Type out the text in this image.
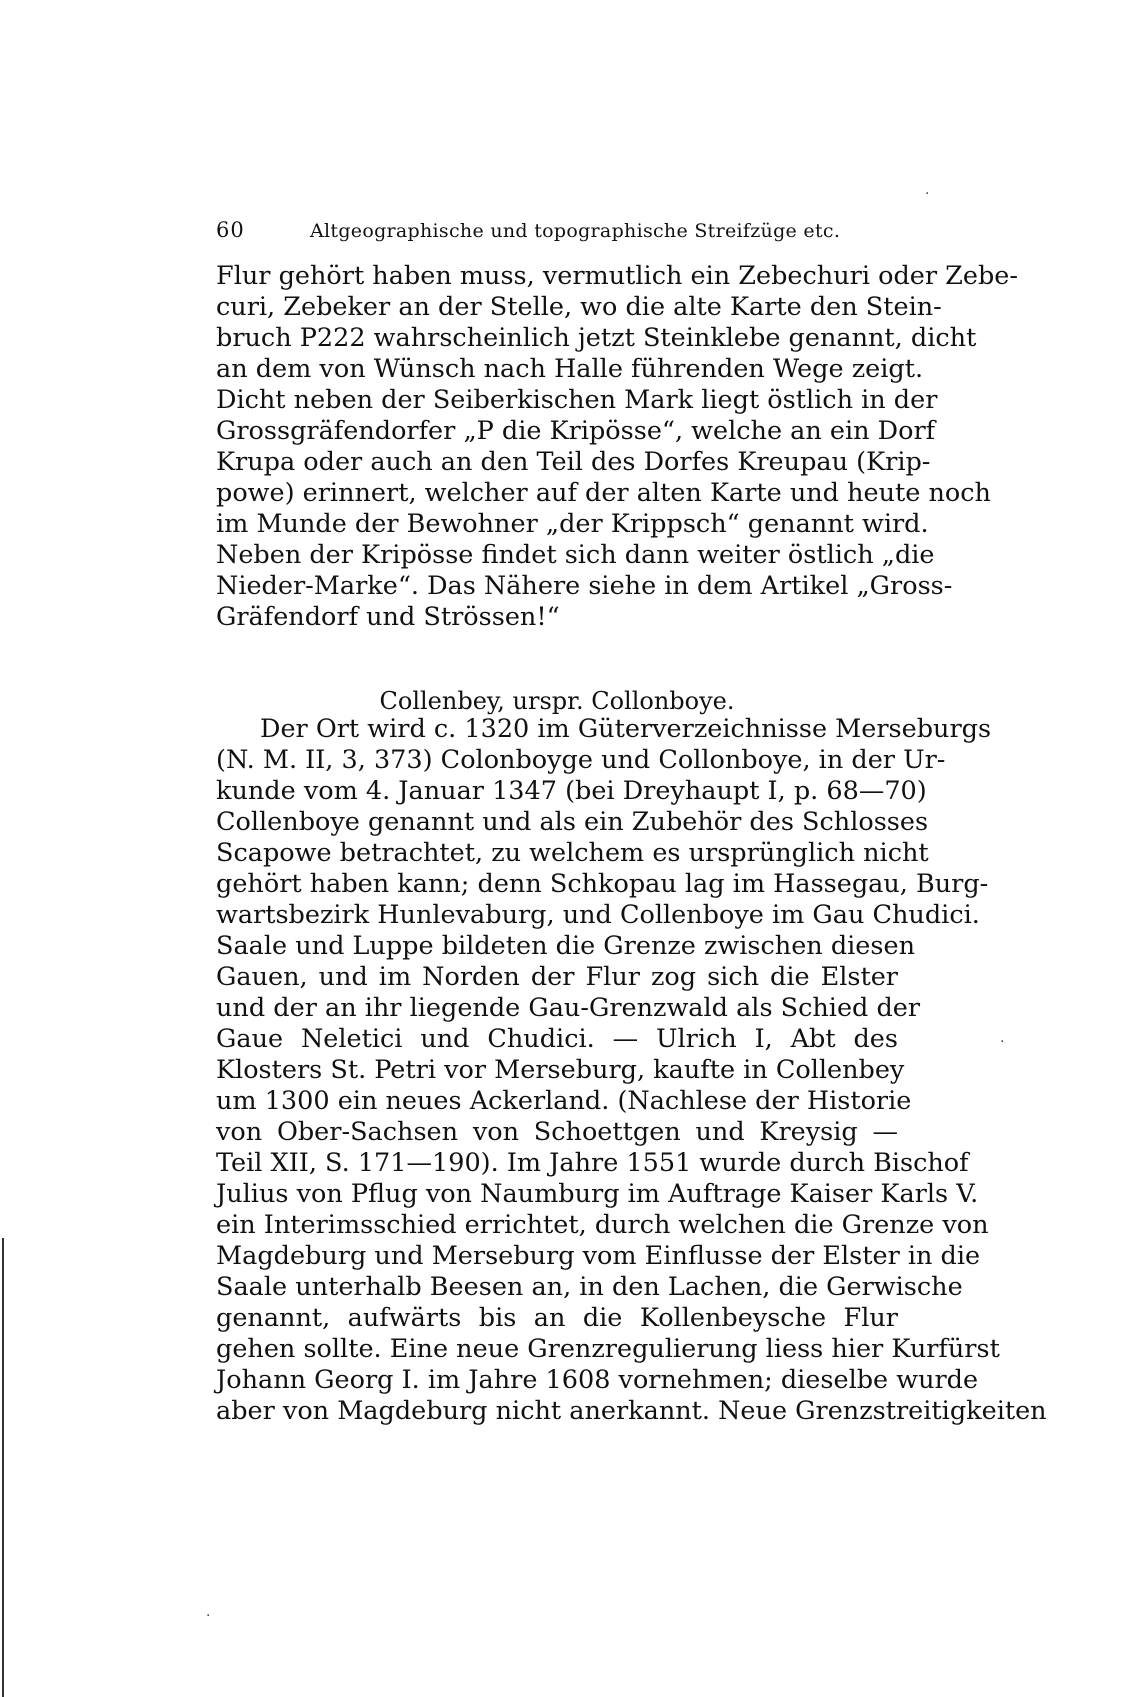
60	Altgeographische und topographische Streifzüge etc.
Flur gehört haben muss, vermutlich ein Zebechuri oder Zebe-
curi, Zebeker an der Stelle, wo die alte Karte den Stein-
bruch P222 wahrscheinlich jetzt Steinklebe genannt, dicht
an dem von Wünsch nach Halle führenden Wege zeigt.
Dicht neben der Seiberkischen Mark liegt östlich in der
Grossgräfendorfer „P die Kripösse“, welche an ein Dorf
Krupa oder auch an den Teil des Dorfes Kreupau (Krip-
powe) erinnert, welcher auf der alten Karte und heute noch
im Munde der Bewohner „der Krippsch“ genannt wird.
Neben der Kripösse findet sich dann weiter östlich „die
Nieder-Marke“. Das Nähere siehe in dem Artikel „Gross-
Gräfendorf und Strössen!“
Collenbey, urspr. Collonboye.
Der Ort wird c. 1320 im Güterverzeichnisse Merseburgs
(N. M. II, 3, 373) Colonboyge und Collonboye, in der Ur-
kunde vom 4. Januar 1347 (bei Dreyhaupt I, p. 68—70)
Collenboye genannt und als ein Zubehör des Schlosses
Scapowe betrachtet, zu welchem es ursprünglich nicht
gehört haben kann; denn Schkopau lag im Hassegau, Burg-
wartsbezirk Hunlevaburg, und Collenboye im Gau Chudici.
Saale und Luppe bildeten die Grenze zwischen diesen
Gauen, und im Norden der Flur zog sich die Elster
und der an ihr liegende Gau-Grenzwald als Schied der
Gaue Neletici und Chudici. — Ulrich I, Abt des
Klosters St. Petri vor Merseburg, kaufte in Collenbey
um 1300 ein neues Ackerland. (Nachlese der Historie
von Ober-Sachsen von Schoettgen und Kreysig —
Teil XII, S. 171—190). Im Jahre 1551 wurde durch Bischof
Julius von Pflug von Naumburg im Auftrage Kaiser Karls V.
ein Interimsschied errichtet, durch welchen die Grenze von
Magdeburg und Merseburg vom Einflusse der Elster in die
Saale unterhalb Beesen an, in den Lachen, die Gerwische
genannt, aufwärts bis an die Kollenbeysche Flur
gehen sollte. Eine neue Grenzregulierung liess hier Kurfürst
Johann Georg I. im Jahre 1608 vornehmen; dieselbe wurde
aber von Magdeburg nicht anerkannt. Neue Grenzstreitigkeiten
·
·
·
